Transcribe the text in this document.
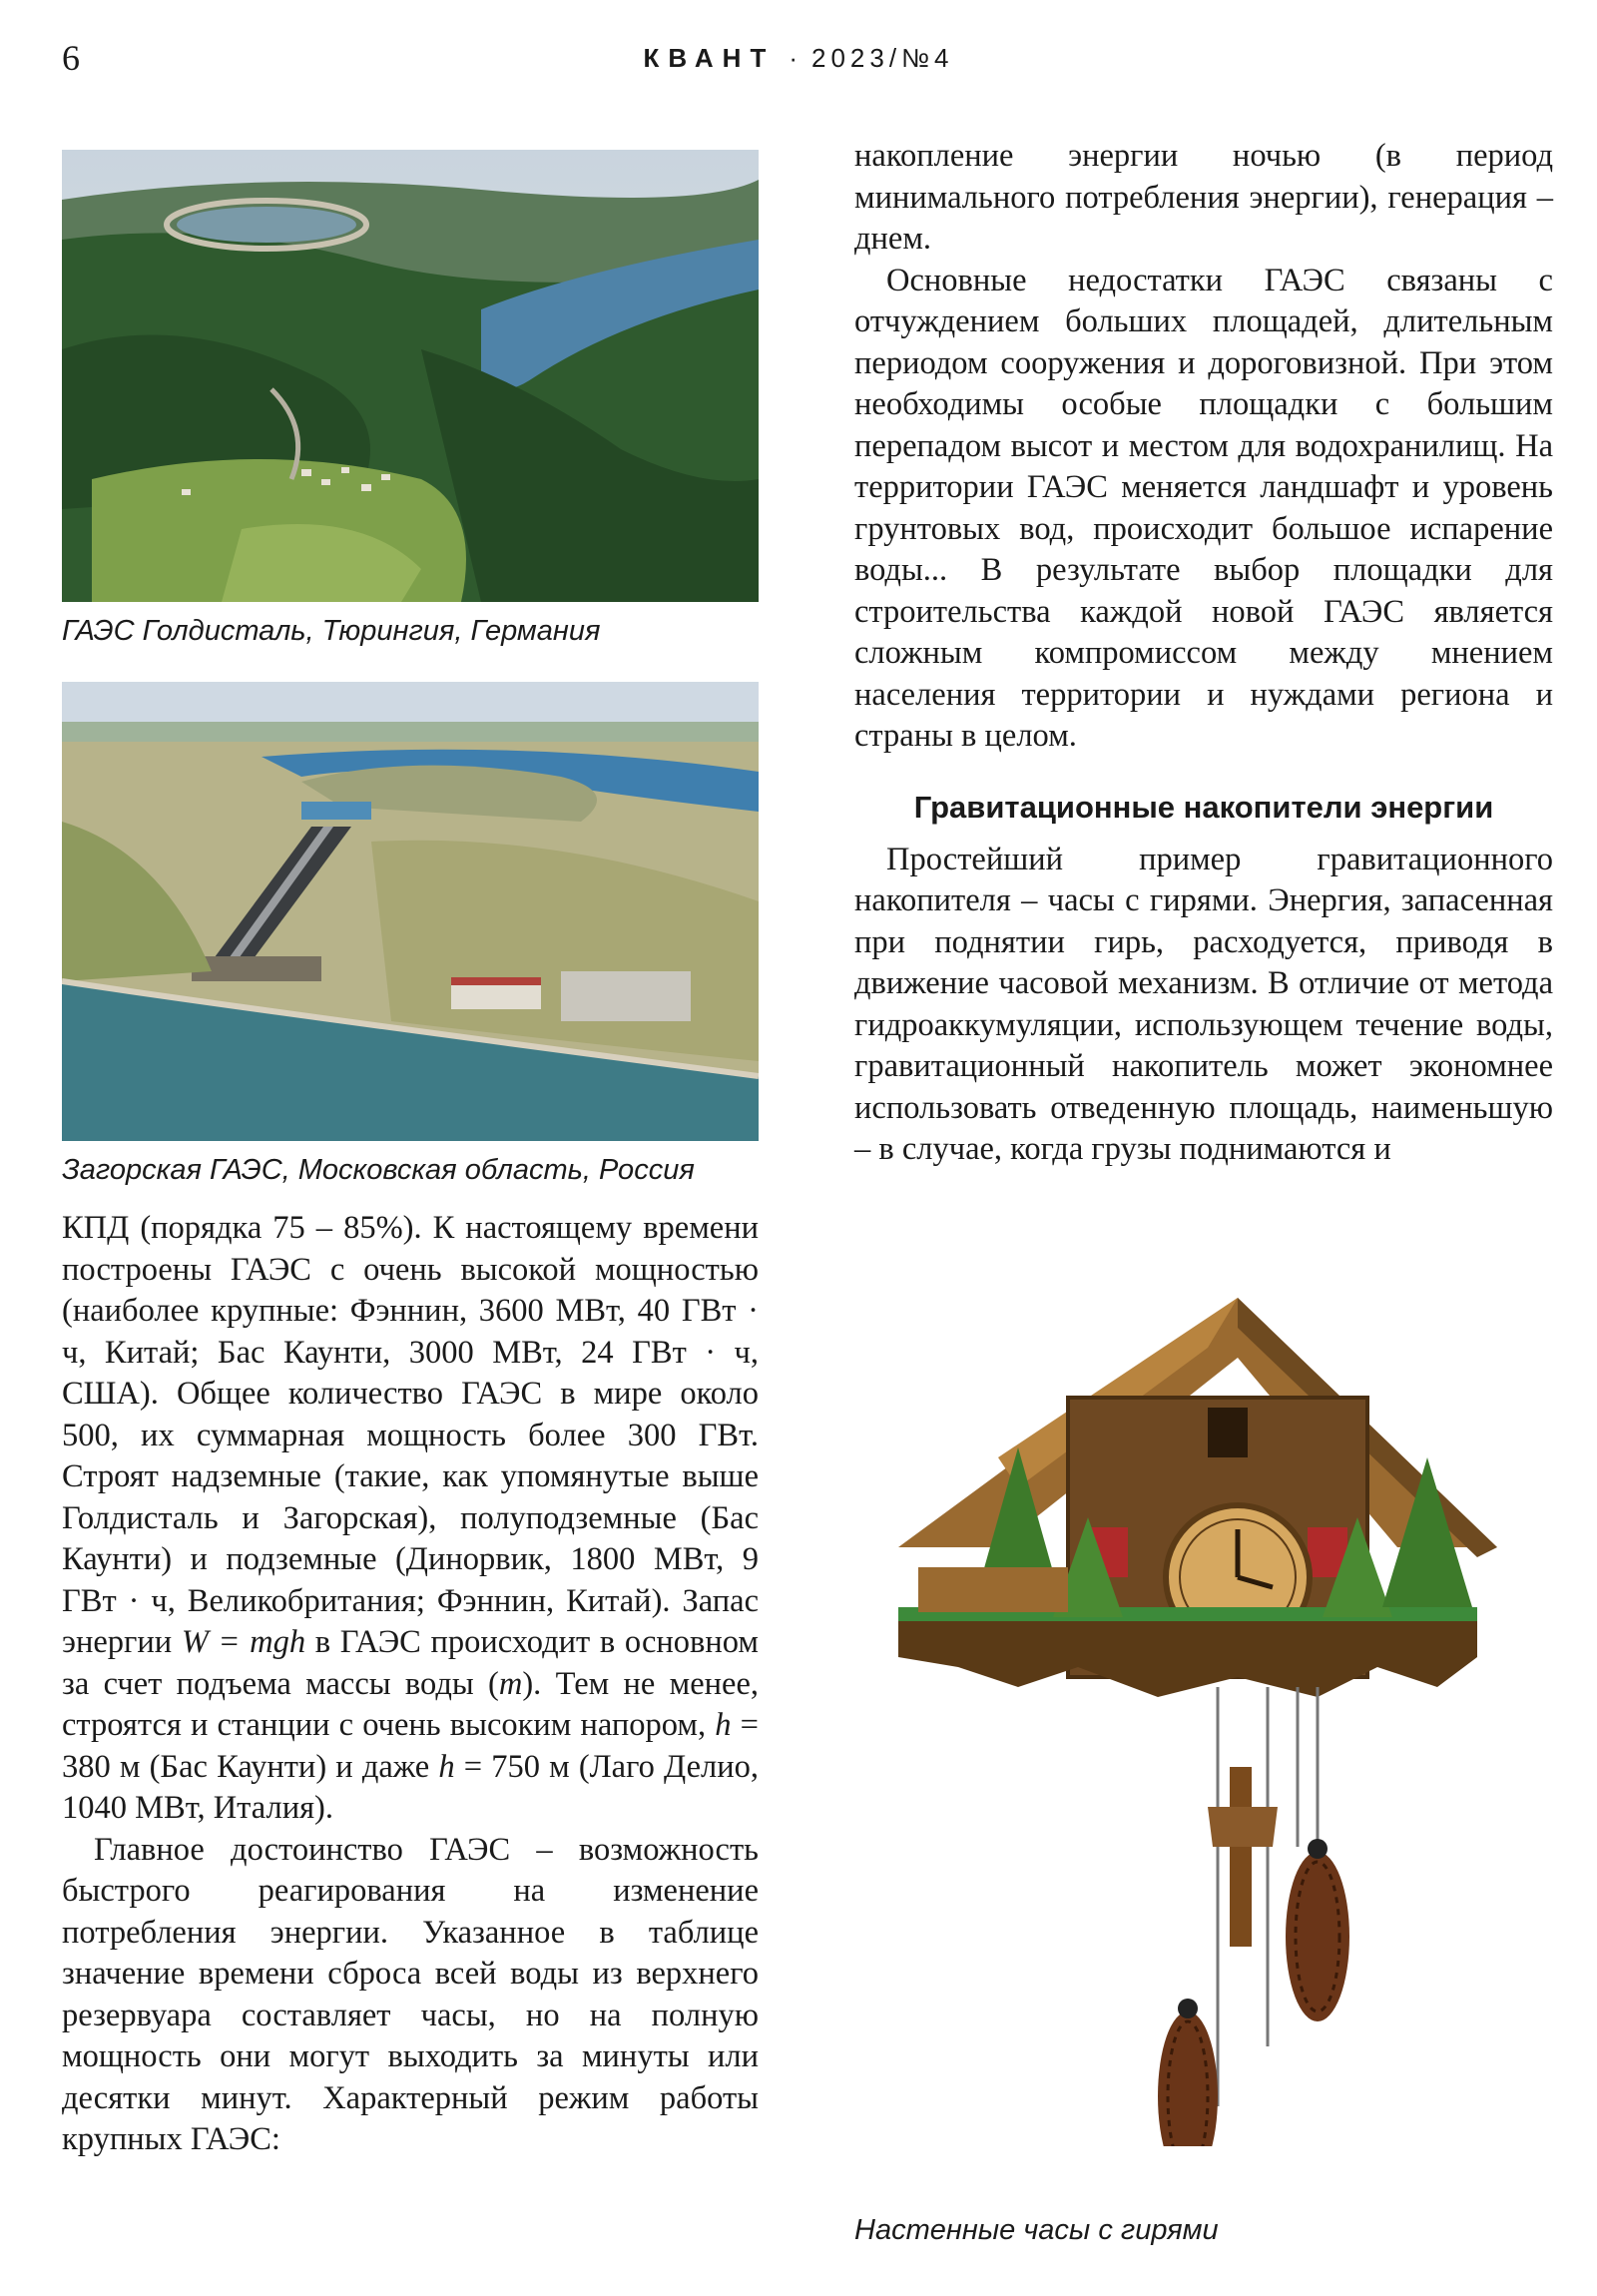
6	КВАНТ · 2023/№4
ГАЭС Голдисталь, Тюрингия, Германия
Загорская ГАЭС, Московская область, Россия

КПД (порядка 75 – 85%). К настоящему времени построены ГАЭС с очень высокой мощностью (наиболее крупные: Фэннин, 3600 МВт, 40 ГВт · ч, Китай; Бас Каунти, 3000 МВт, 24 ГВт · ч, США). Общее количество ГАЭС в мире около 500, их суммарная мощность более 300 ГВт. Строят надземные (такие, как упомянутые выше Голдисталь и Загорская), полуподземные (Бас Каунти) и подземные (Динорвик, 1800 МВт, 9 ГВт · ч, Великобритания; Фэннин, Китай). Запас энергии W = mgh в ГАЭС происходит в основном за счет подъема массы воды (m). Тем не менее, строятся и станции с очень высоким напором, h = 380 м (Бас Каунти) и даже h = 750 м (Лаго Делио, 1040 МВт, Италия).

Главное достоинство ГАЭС – возможность быстрого реагирования на изменение потребления энергии. Указанное в таблице значение времени сброса всей воды из верхнего резервуара составляет часы, но на полную мощность они могут выходить за минуты или десятки минут. Характерный режим работы крупных ГАЭС:

накопление энергии ночью (в период минимального потребления энергии), генерация – днем.

Основные недостатки ГАЭС связаны с отчуждением больших площадей, длительным периодом сооружения и дороговизной. При этом необходимы особые площадки с большим перепадом высот и местом для водохранилищ. На территории ГАЭС меняется ландшафт и уровень грунтовых вод, происходит большое испарение воды... В результате выбор площадки для строительства каждой новой ГАЭС является сложным компромиссом между мнением населения территории и нуждами региона и страны в целом.

Гравитационные накопители энергии

Простейший пример гравитационного накопителя – часы с гирями. Энергия, запасенная при поднятии гирь, расходуется, приводя в движение часовой механизм. В отличие от метода гидроаккумуляции, использующем течение воды, гравитационный накопитель может экономнее использовать отведенную площадь, наименьшую – в случае, когда грузы поднимаются и

Настенные часы с гирями
